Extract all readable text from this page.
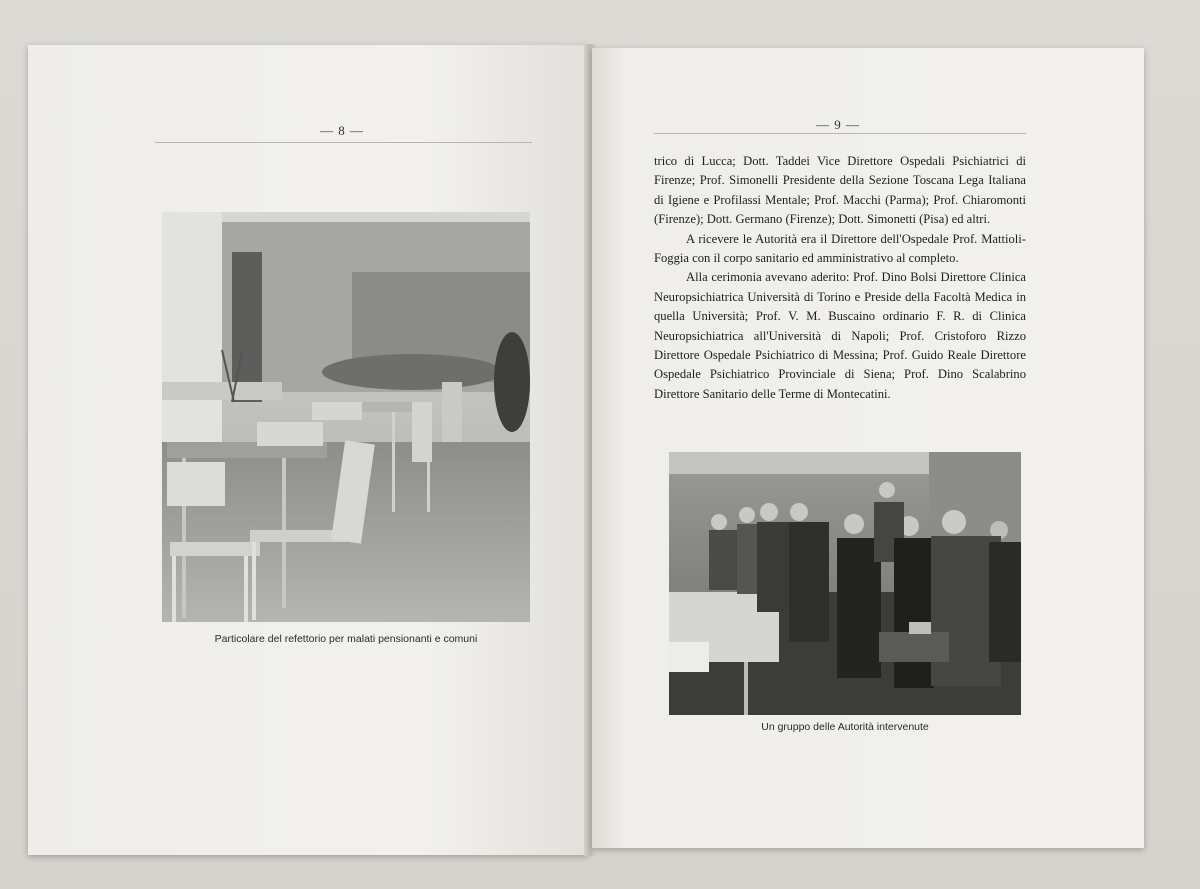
— 8 —
Particolare del refettorio per malati pensionanti e comuni
— 9 —

trico di Lucca; Dott. Taddei Vice Direttore Ospedali Psichiatrici di Firenze; Prof. Simonelli Presidente della Sezione Toscana Lega Italiana di Igiene e Profilassi Mentale; Prof. Macchi (Parma); Prof. Chiaromonti (Firenze); Dott. Germano (Firenze); Dott. Simonetti (Pisa) ed altri.

A ricevere le Autorità era il Direttore dell'Ospedale Prof. Mattioli-Foggia con il corpo sanitario ed amministrativo al completo.

Alla cerimonia avevano aderito: Prof. Dino Bolsi Direttore Clinica Neuropsichiatrica Università di Torino e Preside della Facoltà Medica in quella Università; Prof. V. M. Buscaino ordinario F. R. di Clinica Neuropsichiatrica all'Università di Napoli; Prof. Cristoforo Rizzo Direttore Ospedale Psichiatrico di Messina; Prof. Guido Reale Direttore Ospedale Psichiatrico Provinciale di Siena; Prof. Dino Scalabrino Direttore Sanitario delle Terme di Montecatini.

Un gruppo delle Autorità intervenute
